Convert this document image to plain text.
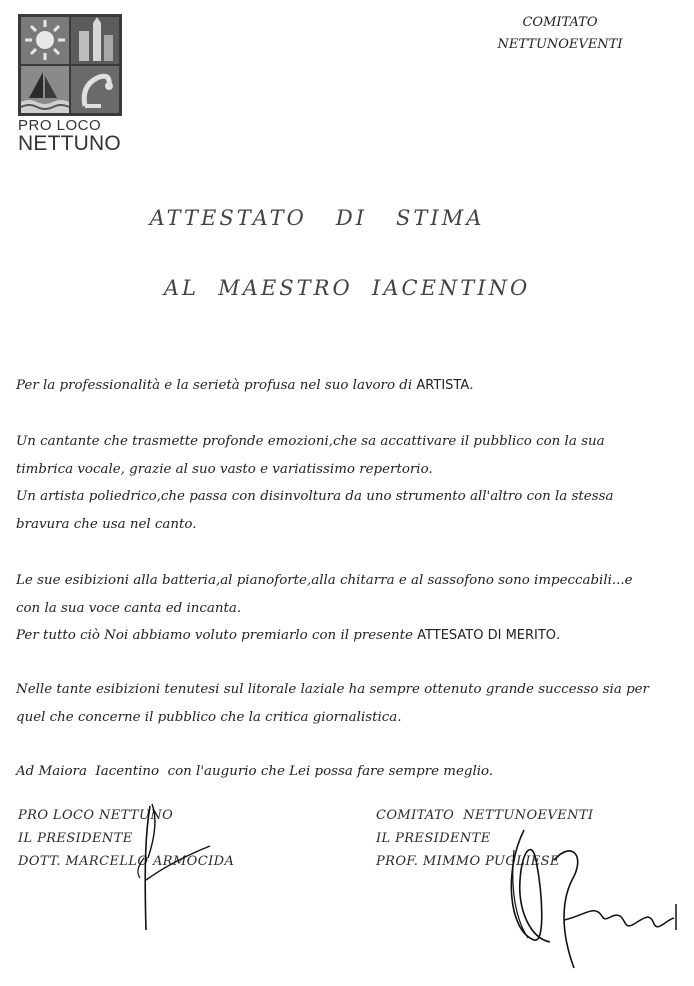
PRO LOCO
NETTUNO
COMITATO
NETTUNOEVENTI
ATTESTATO   DI   STIMA
AL  MAESTRO  IACENTINO

Per la professionalità e la serietà profusa nel suo lavoro di ARTISTA.

Un cantante che trasmette profonde emozioni,che sa accattivare il pubblico con la sua

timbrica vocale, grazie al suo vasto e variatissimo repertorio.

Un artista poliedrico,che passa con disinvoltura da uno strumento all'altro con la stessa

bravura che usa nel canto.

Le sue esibizioni alla batteria,al pianoforte,alla chitarra e al sassofono sono impeccabili...e

con la sua voce canta ed incanta.

Per tutto ciò Noi abbiamo voluto premiarlo con il presente ATTESATO DI MERITO.

Nelle tante esibizioni tenutesi sul litorale laziale ha sempre ottenuto grande successo sia per

quel che concerne il pubblico che la critica giornalistica.

Ad Maiora  Iacentino  con l'augurio che Lei possa fare sempre meglio.

PRO LOCO NETTUNO
IL PRESIDENTE
DOTT. MARCELLO ARMOCIDA
COMITATO  NETTUNOEVENTI
IL PRESIDENTE
PROF. MIMMO PUGLIESE
